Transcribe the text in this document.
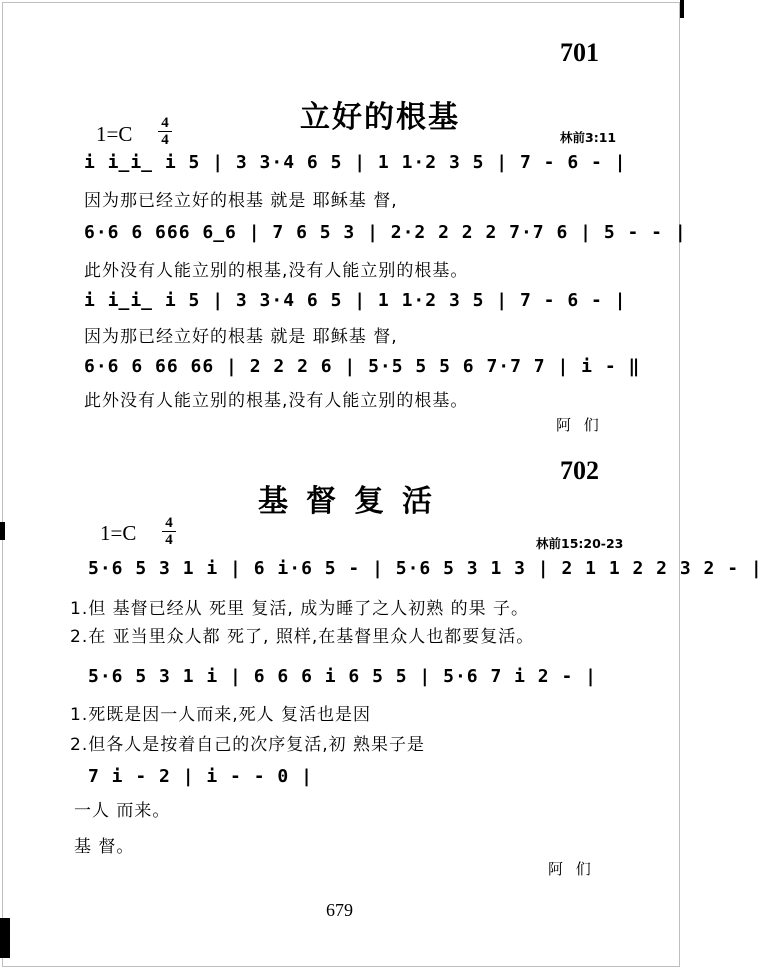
701
立好的根基
1=C 4
4	林前3:11
i i̲i̲ i 5 | 3 3·4 6 5 | 1 1·2 3 5 | 7 - 6 - |
因为那已经立好的根基 就是 耶稣基 督,
6·6 6 666 6̲6 | 7 6 5 3 | 2·2 2 2 2 7·7 6 | 5 - - |
此外没有人能立别的根基,没有人能立别的根基。
i i̲i̲ i 5 | 3 3·4 6 5 | 1 1·2 3 5 | 7 - 6 - |
因为那已经立好的根基 就是 耶稣基 督,
6·6 6 66 66 | 2 2 2 6 | 5·5 5 5 6 7·7 7 | i - ‖
此外没有人能立别的根基,没有人能立别的根基。
阿 们
702
基督复活
1=C 4
4	林前15:20-23
5·6 5 3 1 i | 6 i·6 5 - | 5·6 5 3 1 3 | 2 1 1 2 2 3 2 - |
1.但 基督已经从 死里 复活, 成为睡了之人初熟 的果 子。
2.在 亚当里众人都 死了, 照样,在基督里众人也都要复活。
5·6 5 3 1 i | 6 6 6 i 6 5 5 | 5·6 7 i 2 - |
1.死既是因一人而来,死人 复活也是因
2.但各人是按着自己的次序复活,初 熟果子是
7 i - 2 | i - - 0 |
一人 而来。
基 督。
阿 们
679
